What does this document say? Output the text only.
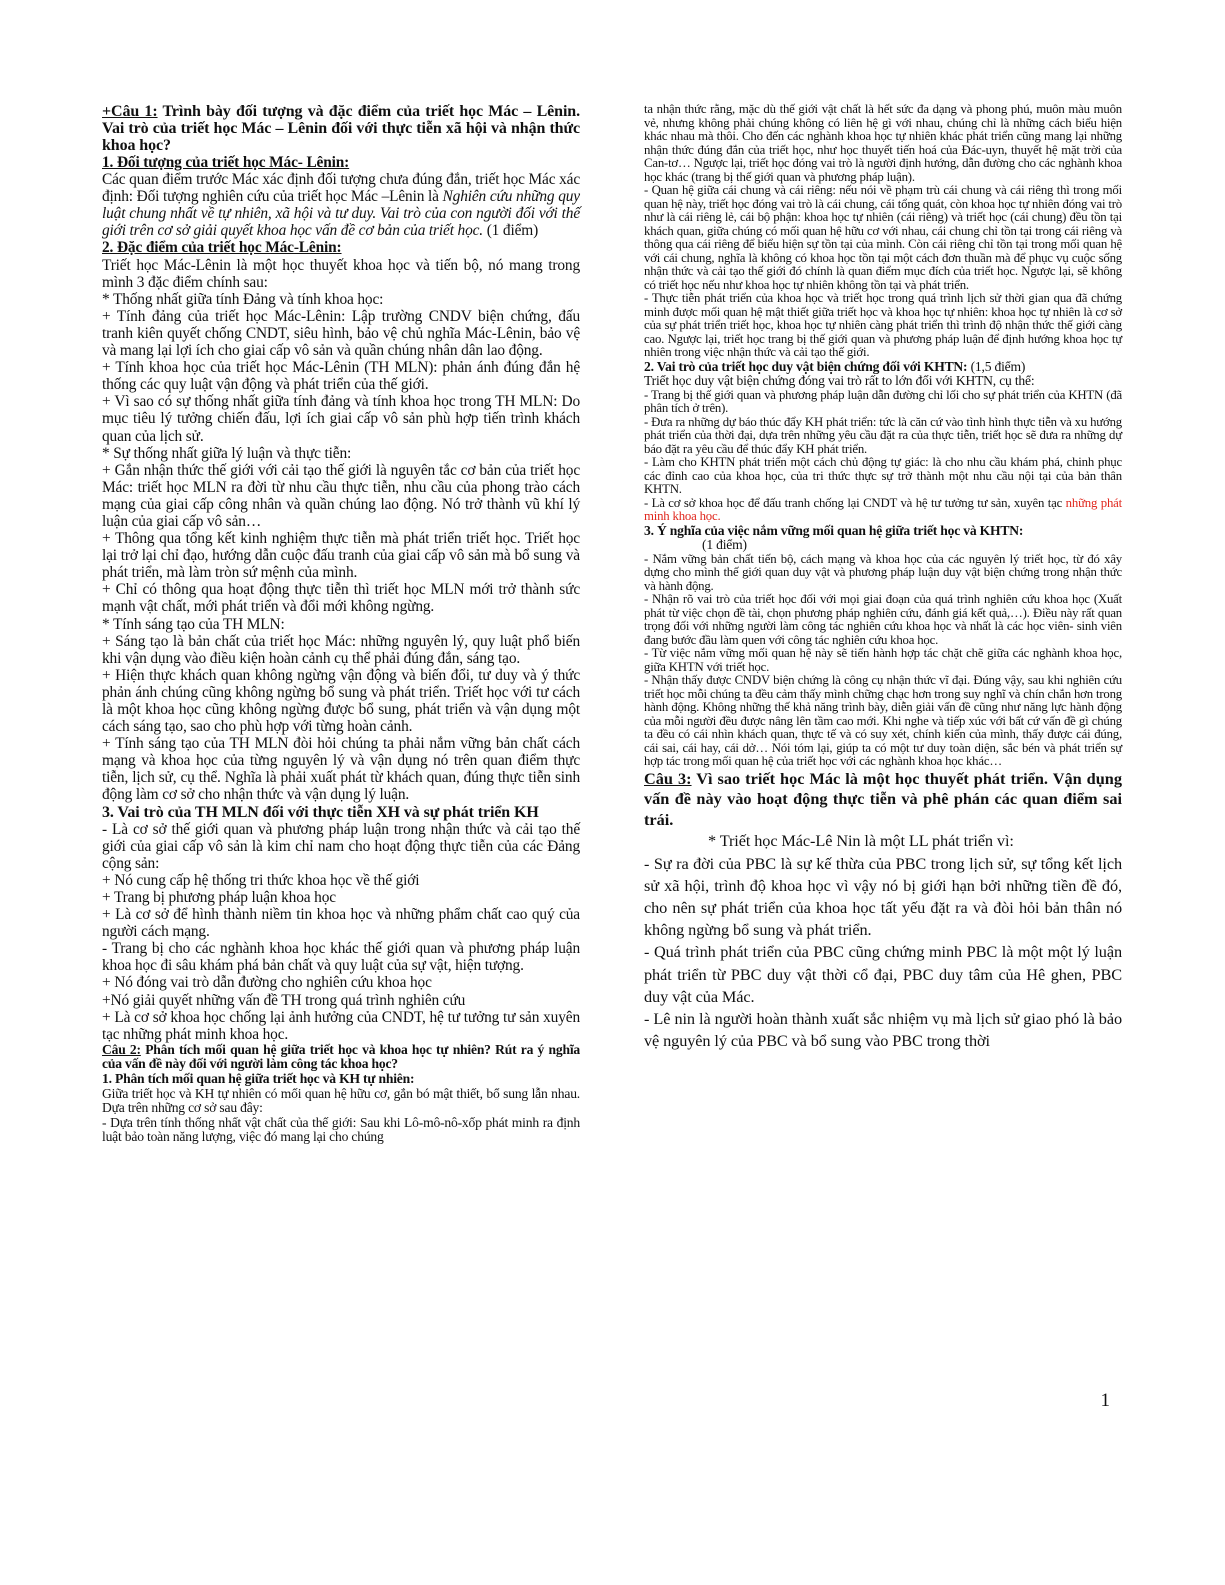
+Câu 1: Trình bày đối tượng và đặc điểm của triết học Mác – Lênin. Vai trò của triết học Mác – Lênin đối với thực tiễn xã hội và nhận thức khoa học?

1. Đối tượng của triết học Mác- Lênin:

Các quan điểm trước Mác xác định đối tượng chưa đúng đắn, triết học Mác xác định: Đối tượng nghiên cứu của triết học Mác –Lênin là Nghiên cứu những quy luật chung nhất về tự nhiên, xã hội và tư duy. Vai trò của con người đối với thế giới trên cơ sở giải quyết khoa học vấn đề cơ bản của triết học. (1 điểm)

2. Đặc điểm của triết học Mác-Lênin:

Triết học Mác-Lênin là một học thuyết khoa học và tiến bộ, nó mang trong mình 3 đặc điểm chính sau:

* Thống nhất giữa tính Đảng và tính khoa học:

+ Tính đảng của triết học Mác-Lênin: Lập trường CNDV biện chứng, đấu tranh kiên quyết chống CNDT, siêu hình, bảo vệ chủ nghĩa Mác-Lênin, bảo vệ và mang lại lợi ích cho giai cấp vô sản và quần chúng nhân dân lao động.

+ Tính khoa học của triết học Mác-Lênin (TH MLN): phản ánh đúng đắn hệ thống các quy luật vận động và phát triển của thế giới.

+ Vì sao có sự thống nhất giữa tính đảng và tính khoa học trong TH MLN: Do mục tiêu lý tưởng chiến đấu, lợi ích giai cấp vô sản phù hợp tiến trình khách quan của lịch sử.

* Sự thống nhất giữa lý luận và thực tiễn:

+ Gắn nhận thức thế giới với cải tạo thế giới là nguyên tắc cơ bản của triết học Mác: triết học MLN ra đời từ nhu cầu thực tiễn, nhu cầu của phong trào cách mạng của giai cấp công nhân và quần chúng lao động. Nó trở thành vũ khí lý luận của giai cấp vô sản…

+ Thông qua tổng kết kinh nghiệm thực tiễn mà phát triển triết học. Triết học lại trở lại chỉ đạo, hướng dẫn cuộc đấu tranh của giai cấp vô sản mà bổ sung và phát triển, mà làm tròn sứ mệnh của mình.

+ Chỉ có thông qua hoạt động thực tiễn thì triết học MLN mới trở thành sức mạnh vật chất, mới phát triển và đổi mới không ngừng.

* Tính sáng tạo của TH MLN:

+ Sáng tạo là bản chất của triết học Mác: những nguyên lý, quy luật phổ biến khi vận dụng vào điều kiện hoàn cảnh cụ thể phải đúng đắn, sáng tạo.

+ Hiện thực khách quan không ngừng vận động và biến đổi, tư duy và ý thức phản ánh chúng cũng không ngừng bổ sung và phát triển. Triết học với tư cách là một khoa học cũng không ngừng được bổ sung, phát triển và vận dụng một cách sáng tạo, sao cho phù hợp với từng hoàn cảnh.

+ Tính sáng tạo của TH MLN đòi hỏi chúng ta phải nắm vững bản chất cách mạng và khoa học của từng nguyên lý và vận dụng nó trên quan điểm thực tiễn, lịch sử, cụ thể. Nghĩa là phải xuất phát từ khách quan, đúng thực tiễn sinh động làm cơ sở cho nhận thức và vận dụng lý luận.

3. Vai trò của TH MLN đối với thực tiễn XH và sự phát triển KH

- Là cơ sở thế giới quan và phương pháp luận trong nhận thức và cải tạo thế giới của giai cấp vô sản là kim chỉ nam cho hoạt động thực tiễn của các Đảng cộng sản:

+ Nó cung cấp hệ thống tri thức khoa học về thế giới

+ Trang bị phương pháp luận khoa học

+ Là cơ sở để hình thành niềm tin khoa học và những phẩm chất cao quý của người cách mạng.

- Trang bị cho các nghành khoa học khác thế giới quan và phương pháp luận khoa học đi sâu khám phá bản chất và quy luật của sự vật, hiện tượng.

+ Nó đóng vai trò dẫn đường cho nghiên cứu khoa học

+Nó giải quyết những vấn đề TH trong quá trình nghiên cứu

+ Là cơ sở khoa học chống lại ảnh hưởng của CNDT, hệ tư tưởng tư sản xuyên tạc những phát minh khoa học.

Câu 2: Phân tích mối quan hệ giữa triết học và khoa học tự nhiên? Rút ra ý nghĩa của vấn đề này đối với người làm công tác khoa học?

1. Phân tích mối quan hệ giữa triết học và KH tự nhiên:

Giữa triết học và KH tự nhiên có mối quan hệ hữu cơ, gắn bó mật thiết, bổ sung lẫn nhau. Dựa trên những cơ sở sau đây:

- Dựa trên tính thống nhất vật chất của thế giới: Sau khi Lô-mô-nô-xốp phát minh ra định luật bảo toàn năng lượng, việc đó mang lại cho chúng

ta nhận thức rằng, mặc dù thế giới vật chất là hết sức đa dạng và phong phú, muôn màu muôn vẻ, nhưng không phải chúng không có liên hệ gì với nhau, chúng chỉ là những cách biểu hiện khác nhau mà thôi. Cho đến các nghành khoa học tự nhiên khác phát triển cũng mang lại những nhận thức đúng đắn của triết học, như học thuyết tiến hoá của Đác-uyn, thuyết hệ mặt trời của Can-tơ… Ngược lại, triết học đóng vai trò là người định hướng, dẫn đường cho các nghành khoa học khác (trang bị thế giới quan và phương pháp luận).

- Quan hệ giữa cái chung và cái riêng: nếu nói về phạm trù cái chung và cái riêng thì trong mối quan hệ này, triết học đóng vai trò là cái chung, cái tổng quát, còn khoa học tự nhiên đóng vai trò như là cái riêng lẻ, cái bộ phận: khoa học tự nhiên (cái riêng) và triết học (cái chung) đều tồn tại khách quan, giữa chúng có mối quan hệ hữu cơ với nhau, cái chung chỉ tồn tại trong cái riêng và thông qua cái riêng để biểu hiện sự tồn tại của mình. Còn cái riêng chỉ tồn tại trong mối quan hệ với cái chung, nghĩa là không có khoa học tồn tại một cách đơn thuần mà để phục vụ cuộc sống nhận thức và cải tạo thế giới đó chính là quan điểm mục đích của triết học. Ngược lại, sẽ không có triết học nếu như khoa học tự nhiên không tồn tại và phát triển.

- Thực tiễn phát triển của khoa học và triết học trong quá trình lịch sử thời gian qua đã chứng minh được mối quan hệ mật thiết giữa triết học và khoa học tự nhiên: khoa học tự nhiên là cơ sở của sự phát triển triết học, khoa học tự nhiên càng phát triển thì trình độ nhận thức thế giới càng cao. Ngược lại, triết học trang bị thế giới quan và phương pháp luận để định hướng khoa học tự nhiên trong việc nhận thức và cải tạo thế giới.

2. Vai trò của triết học duy vật biện chứng đối với KHTN: (1,5 điểm)

Triết học duy vật biện chứng đóng vai trò rất to lớn đối với KHTN, cụ thể:

- Trang bị thế giới quan và phương pháp luận dẫn đường chỉ lối cho sự phát triển của KHTN (đã phân tích ở trên).

- Đưa ra những dự báo thúc đẩy KH phát triển: tức là căn cứ vào tình hình thực tiễn và xu hướng phát triển của thời đại, dựa trên những yêu cầu đặt ra của thực tiễn, triết học sẽ đưa ra những dự báo đặt ra yêu cầu để thúc đẩy KH phát triển.

- Làm cho KHTN phát triển một cách chủ động tự giác: là cho nhu cầu khám phá, chinh phục các đỉnh cao của khoa học, của tri thức thực sự trở thành một nhu cầu nội tại của bản thân KHTN.

- Là cơ sở khoa học để đấu tranh chống lại CNDT và hệ tư tưởng tư sản, xuyên tạc những phát minh khoa học.

3. Ý nghĩa của việc nắm vững mối quan hệ giữa triết học và KHTN:

(1 điểm)

- Nắm vững bản chất tiến bộ, cách mạng và khoa học của các nguyên lý triết học, từ đó xây dựng cho mình thế giới quan duy vật và phương pháp luận duy vật biện chứng trong nhận thức và hành động.

- Nhận rõ vai trò của triết học đối với mọi giai đoạn của quá trình nghiên cứu khoa học (Xuất phát từ việc chọn đề tài, chọn phương pháp nghiên cứu, đánh giá kết quả,…). Điều này rất quan trọng đối với những người làm công tác nghiên cứu khoa học và nhất là các học viên- sinh viên đang bước đầu làm quen với công tác nghiên cứu khoa học.

- Từ việc nắm vững mối quan hệ này sẽ tiến hành hợp tác chặt chẽ giữa các nghành khoa học, giữa KHTN với triết học.

- Nhận thấy được CNDV biện chứng là công cụ nhận thức vĩ đại. Đúng vậy, sau khi nghiên cứu triết học mỗi chúng ta đều cảm thấy mình chững chạc hơn trong suy nghĩ và chín chắn hơn trong hành động. Không những thế khả năng trình bày, diễn giải vấn đề cũng như năng lực hành động của mỗi người đều được nâng lên tầm cao mới. Khi nghe và tiếp xúc với bất cứ vấn đề gì chúng ta đều có cái nhìn khách quan, thực tế và có suy xét, chính kiến của mình, thấy được cái đúng, cái sai, cái hay, cái dở… Nói tóm lại, giúp ta có một tư duy toàn diện, sắc bén và phát triển sự hợp tác trong mối quan hệ của triết học với các nghành khoa học khác…

Câu 3: Vì sao triết học Mác là một học thuyết phát triển. Vận dụng vấn đề này vào hoạt động thực tiễn và phê phán các quan điểm sai trái.

* Triết học Mác-Lê Nin là một LL phát triển vì:

- Sự ra đời của PBC là sự kế thừa của PBC trong lịch sử, sự tổng kết lịch sử xã hội, trình độ khoa học vì vậy nó bị giới hạn bởi những tiền đề đó, cho nên sự phát triển của khoa học tất yếu đặt ra và đòi hỏi bản thân nó không ngừng bổ sung và phát triển.

- Quá trình phát triển của PBC cũng chứng minh PBC là một một lý luận phát triển từ PBC duy vật thời cổ đại, PBC duy tâm của Hê ghen, PBC duy vật của Mác.

- Lê nin là người hoàn thành xuất sắc nhiệm vụ mà lịch sử giao phó là bảo vệ nguyên lý của PBC và bổ sung vào PBC trong thời

1
